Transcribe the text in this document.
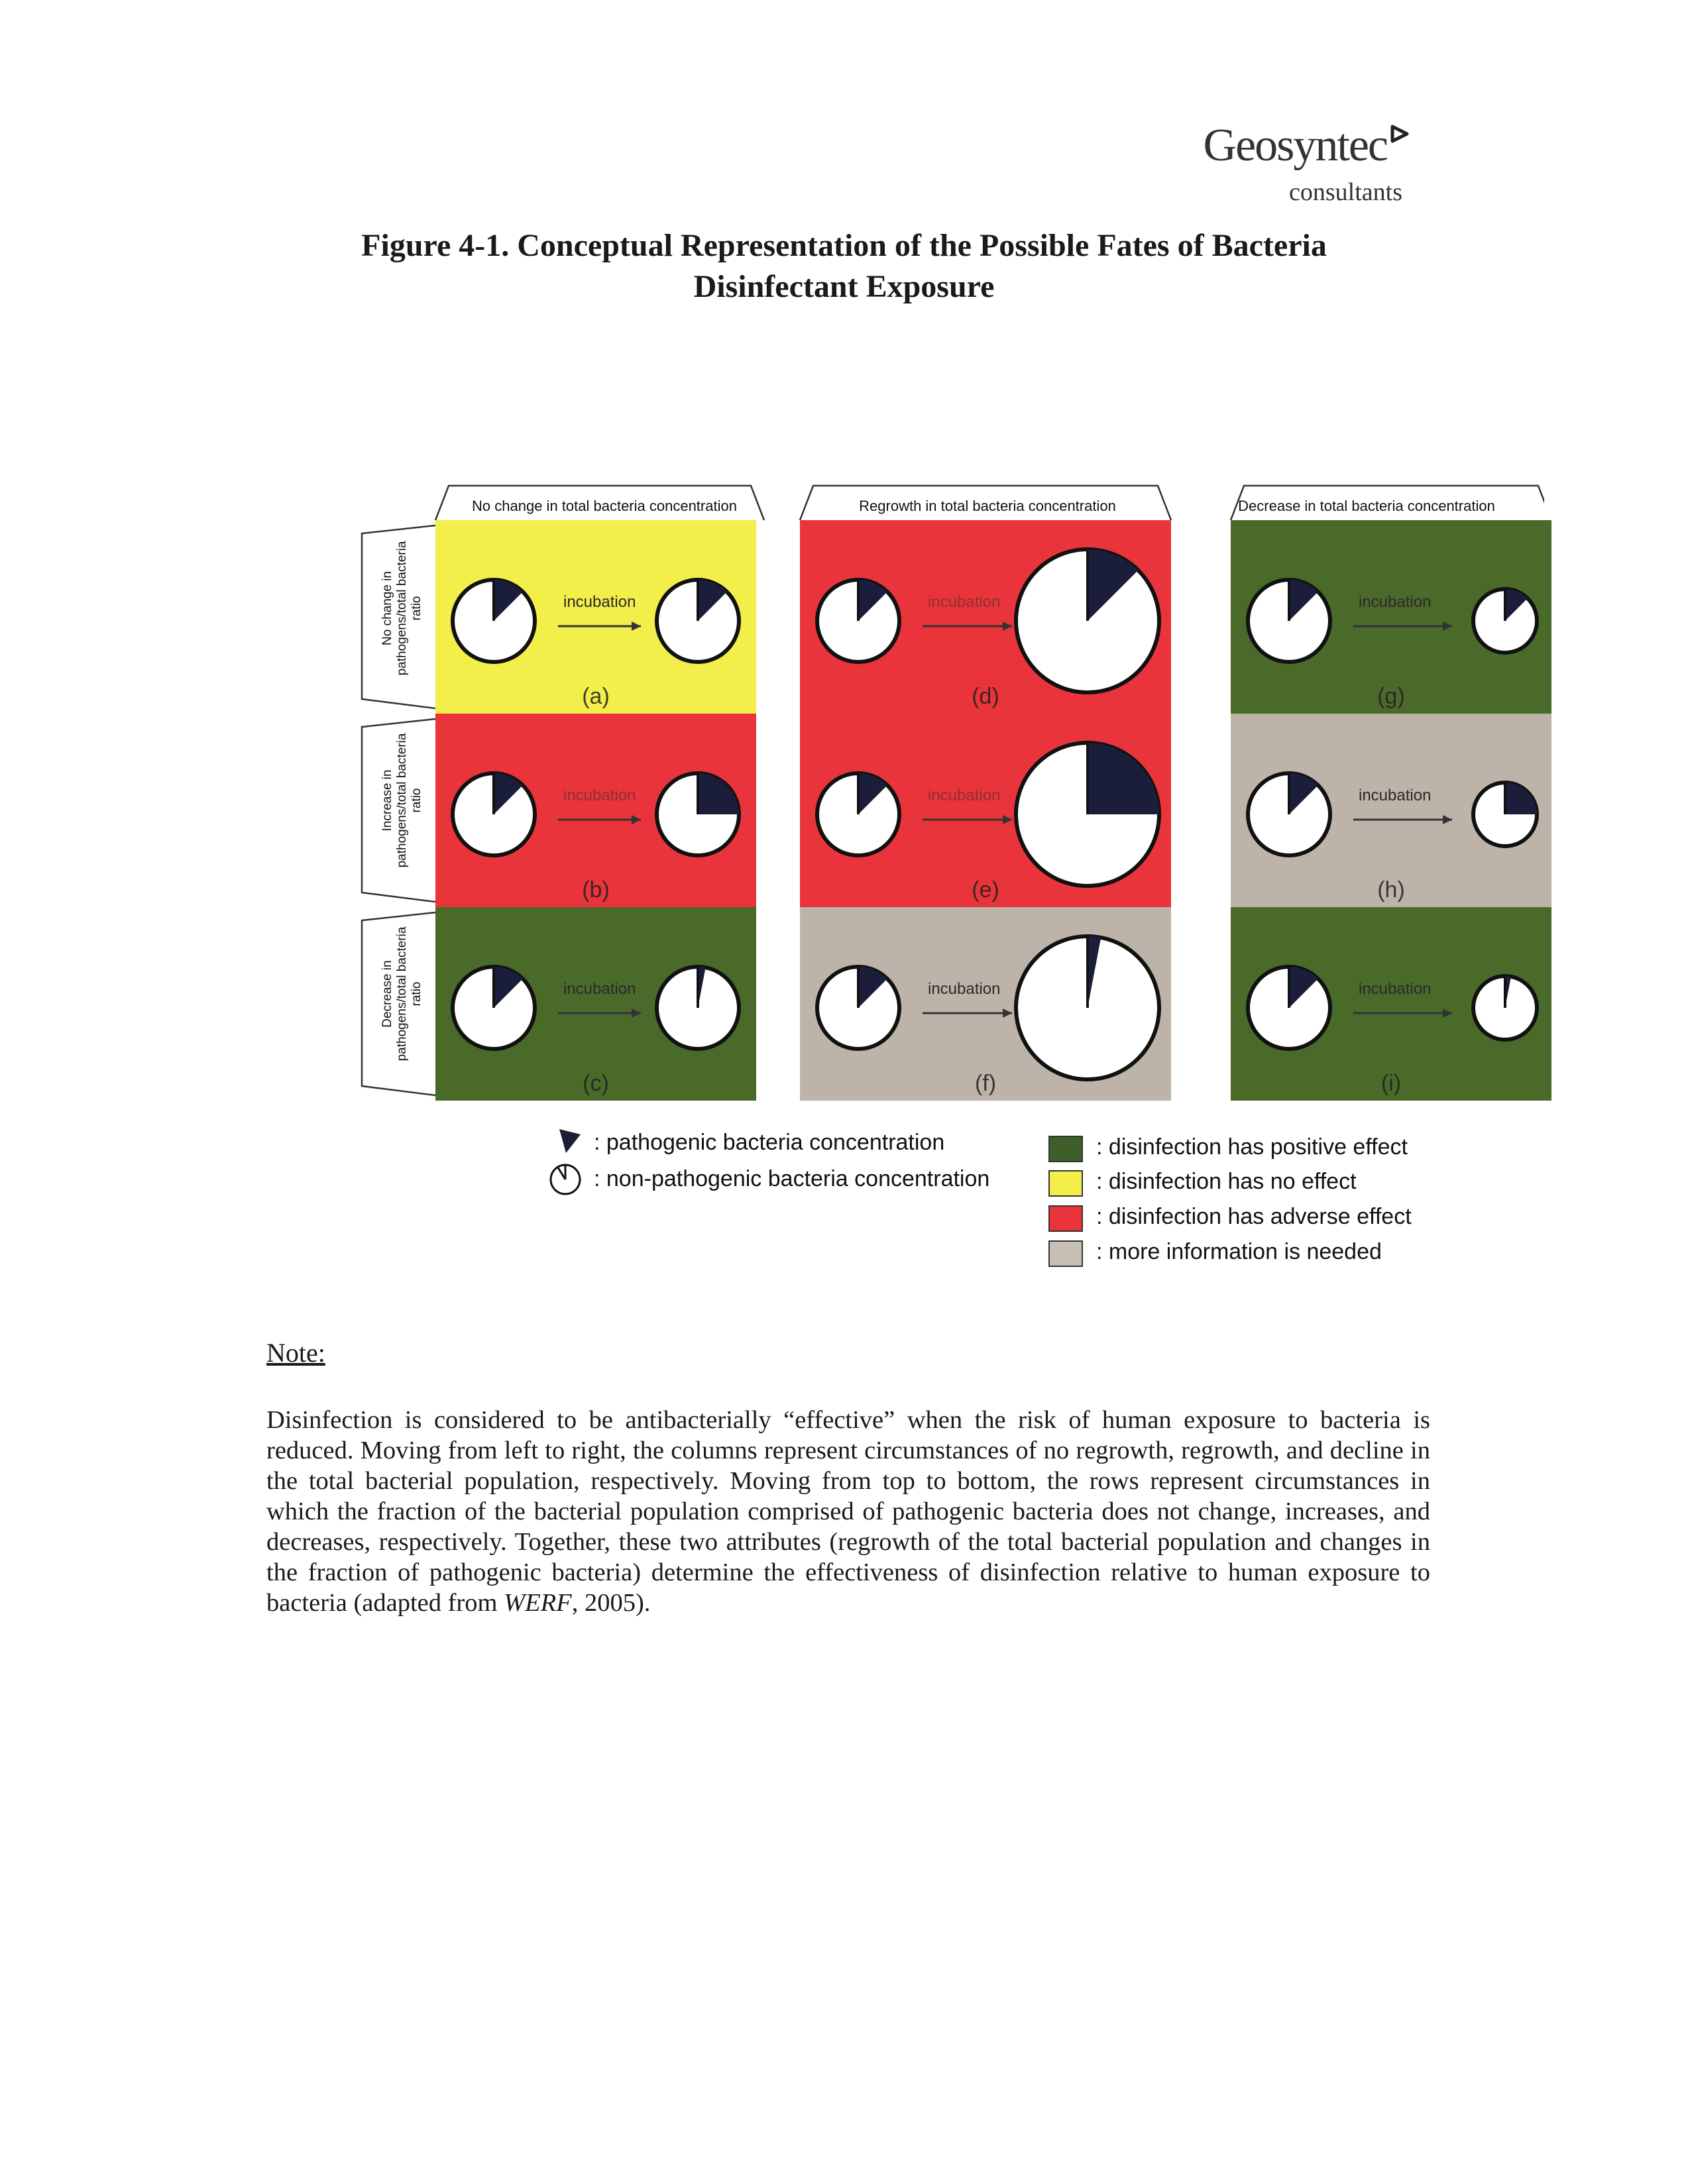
Geosyntec
consultants
Figure 4-1. Conceptual Representation of the Possible Fates of Bacteria
Disinfectant Exposure
No change in total bacteria concentration	Regrowth in total bacteria concentration	Decrease in total bacteria concentration
No change in pathogens/total bacteria ratio
Increase in pathogens/total bacteria ratio
Decrease in pathogens/total bacteria ratio
incubation
(a)
incubation
(b)
incubation
(c)
incubation
(d)
incubation
(e)
incubation
(f)
incubation
(g)
incubation
(h)
incubation
(i)
: pathogenic bacteria concentration
: non-pathogenic bacteria concentration
: disinfection has positive effect
: disinfection has no effect
: disinfection has adverse effect
: more information is needed
Note:
Disinfection is considered to be antibacterially “effective” when the risk of human exposure to bacteria is reduced. Moving from left to right, the columns represent circumstances of no regrowth, regrowth, and decline in the total bacterial population, respectively. Moving from top to bottom, the rows represent circumstances in which the fraction of the bacterial population comprised of pathogenic bacteria does not change, increases, and decreases, respectively. Together, these two attributes (regrowth of the total bacterial population and changes in the fraction of pathogenic bacteria) determine the effectiveness of disinfection relative to human exposure to bacteria (adapted from WERF, 2005).
